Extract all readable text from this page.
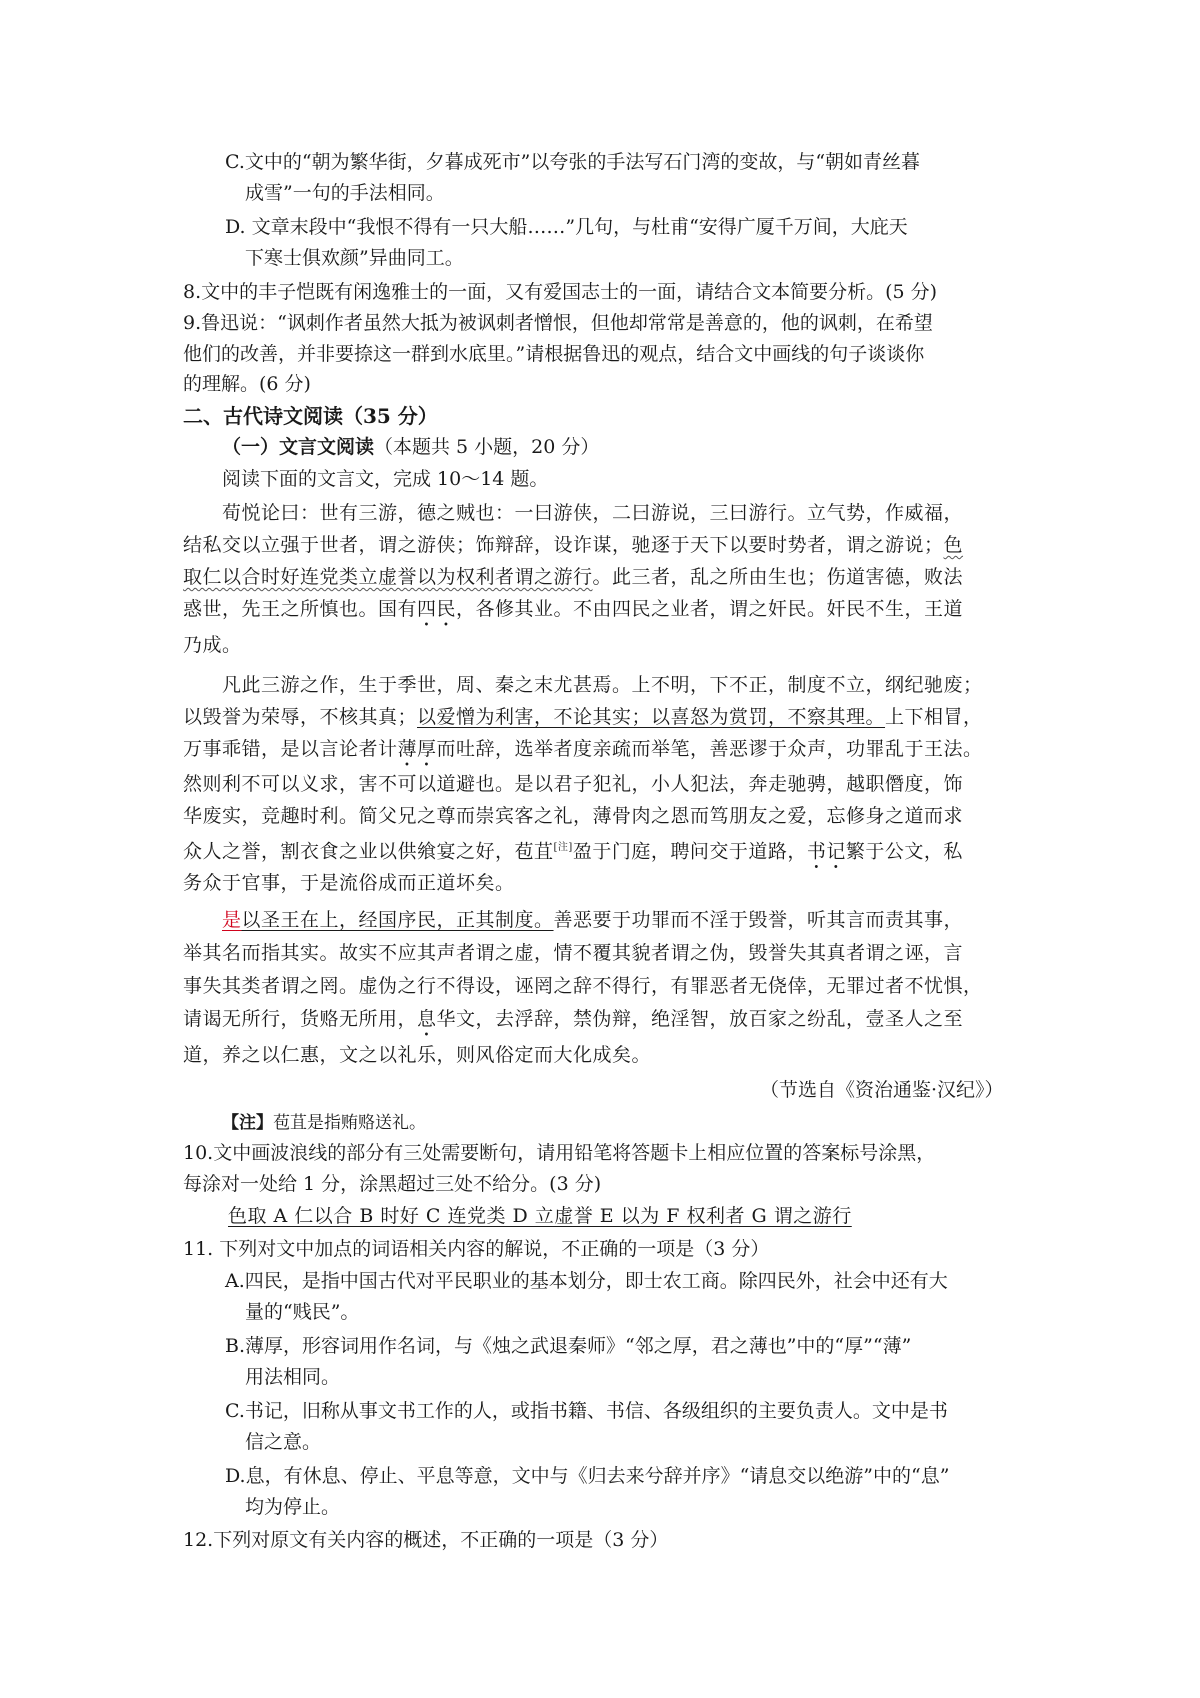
C.文中的“朝为繁华街，夕暮成死市”以夸张的手法写石门湾的变故，与“朝如青丝暮
成雪”一句的手法相同。
D. 文章末段中“我恨不得有一只大船……”几句，与杜甫“安得广厦千万间，大庇天
下寒士俱欢颜”异曲同工。
8.文中的丰子恺既有闲逸雅士的一面，又有爱国志士的一面，请结合文本简要分析。(5 分)
9.鲁迅说：“讽刺作者虽然大抵为被讽刺者憎恨，但他却常常是善意的，他的讽刺，在希望
他们的改善，并非要捺这一群到水底里。”请根据鲁迅的观点，结合文中画线的句子谈谈你
的理解。(6 分)
二、古代诗文阅读（35 分）
（一）文言文阅读（本题共 5 小题，20 分）
阅读下面的文言文，完成 10～14 题。
荀悦论曰：世有三游，德之贼也：一曰游侠，二曰游说，三曰游行。立气势，作威福，
结私交以立强于世者，谓之游侠；饰辩辞，设诈谋，驰逐于天下以要时势者，谓之游说；色
取仁以合时好连党类立虚誉以为权利者谓之游行。此三者，乱之所由生也；伤道害德，败法
惑世，先王之所慎也。国有四民，各修其业。不由四民之业者，谓之奸民。奸民不生，王道
乃成。
凡此三游之作，生于季世，周、秦之末尤甚焉。上不明，下不正，制度不立，纲纪驰废；
以毁誉为荣辱，不核其真；以爱憎为利害，不论其实；以喜怒为赏罚，不察其理。上下相冒，
万事乖错，是以言论者计薄厚而吐辞，选举者度亲疏而举笔，善恶谬于众声，功罪乱于王法。
然则利不可以义求，害不可以道避也。是以君子犯礼，小人犯法，奔走驰骋，越职僭度，饰
华废实，竞趣时利。简父兄之尊而崇宾客之礼，薄骨肉之恩而笃朋友之爱，忘修身之道而求
众人之誉，割衣食之业以供飨宴之好，苞苴[注]盈于门庭，聘问交于道路，书记繁于公文，私
务众于官事，于是流俗成而正道坏矣。
是以圣王在上，经国序民，正其制度。善恶要于功罪而不淫于毁誉，听其言而责其事，
举其名而指其实。故实不应其声者谓之虚，情不覆其貌者谓之伪，毁誉失其真者谓之诬，言
事失其类者谓之罔。虚伪之行不得设，诬罔之辞不得行，有罪恶者无侥倖，无罪过者不忧惧，
请谒无所行，货赂无所用，息华文，去浮辞，禁伪辩，绝淫智，放百家之纷乱，壹圣人之至
道，养之以仁惠，文之以礼乐，则风俗定而大化成矣。
（节选自《资治通鉴·汉纪》）
【注】苞苴是指贿赂送礼。
10.文中画波浪线的部分有三处需要断句，请用铅笔将答题卡上相应位置的答案标号涂黑，
每涂对一处给 1 分，涂黑超过三处不给分。(3 分)
色取 A 仁以合 B 时好 C 连党类 D 立虚誉 E 以为 F 权利者 G 谓之游行
11. 下列对文中加点的词语相关内容的解说，不正确的一项是（3 分）
A.四民，是指中国古代对平民职业的基本划分，即士农工商。除四民外，社会中还有大
量的“贱民”。
B.薄厚，形容词用作名词，与《烛之武退秦师》“邻之厚，君之薄也”中的“厚”“薄”
用法相同。
C.书记，旧称从事文书工作的人，或指书籍、书信、各级组织的主要负责人。文中是书
信之意。
D.息，有休息、停止、平息等意，文中与《归去来兮辞并序》“请息交以绝游”中的“息”
均为停止。
12.下列对原文有关内容的概述，不正确的一项是（3 分）
